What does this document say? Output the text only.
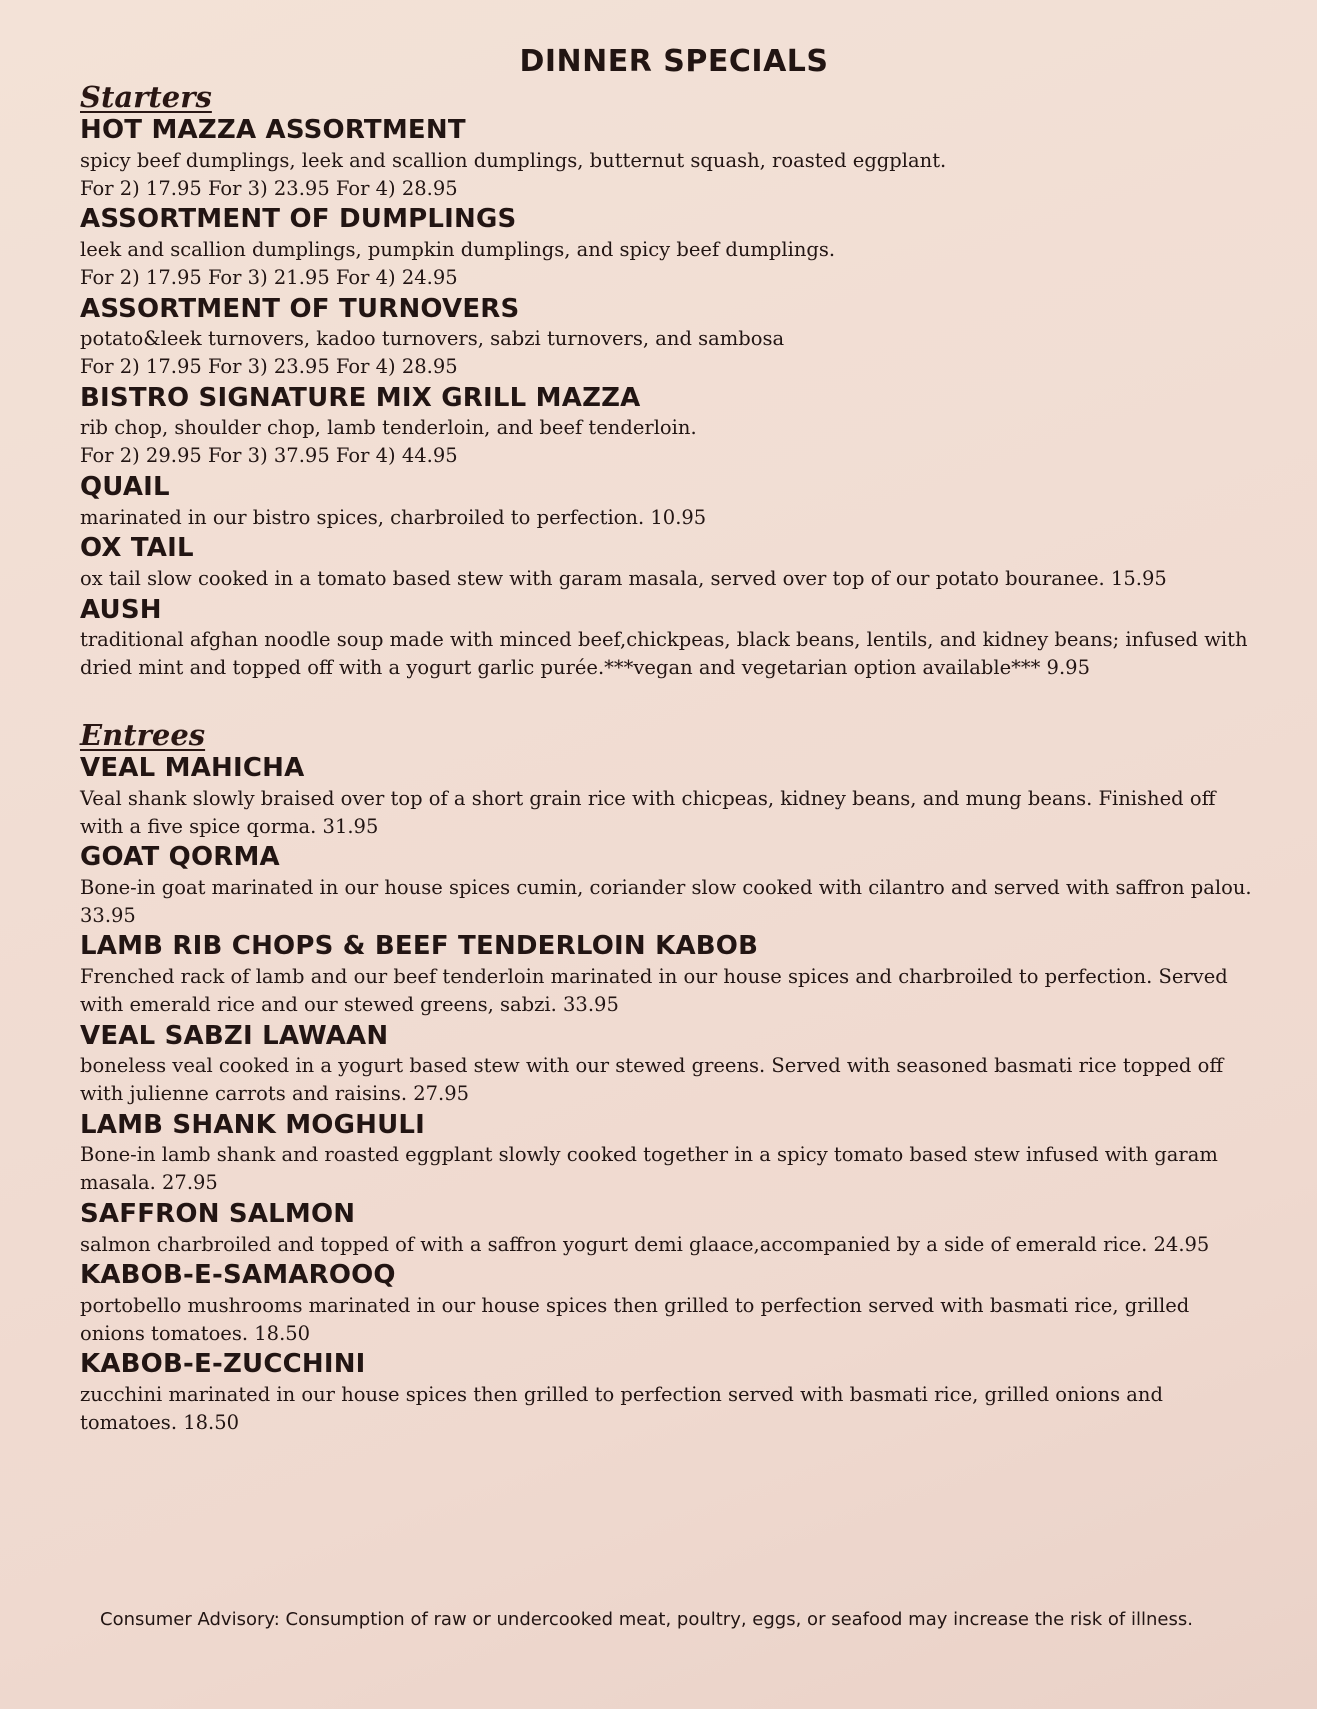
DINNER SPECIALS
Starters
HOT MAZZA ASSORTMENT
spicy beef dumplings, leek and scallion dumplings, butternut squash, roasted eggplant.
For 2) 17.95 For 3) 23.95 For 4) 28.95
ASSORTMENT OF DUMPLINGS
leek and scallion dumplings, pumpkin dumplings, and spicy beef dumplings.
For 2) 17.95 For 3) 21.95 For 4) 24.95
ASSORTMENT OF TURNOVERS
potato&leek turnovers, kadoo turnovers, sabzi turnovers, and sambosa
For 2) 17.95 For 3) 23.95 For 4) 28.95
BISTRO SIGNATURE MIX GRILL MAZZA
rib chop, shoulder chop, lamb tenderloin, and beef tenderloin.
For 2) 29.95 For 3) 37.95 For 4) 44.95
QUAIL
marinated in our bistro spices, charbroiled to perfection. 10.95
OX TAIL
ox tail slow cooked in a tomato based stew with garam masala, served over top of our potato bouranee. 15.95
AUSH
traditional afghan noodle soup made with minced beef,chickpeas, black beans, lentils, and kidney beans; infused with dried mint and topped off with a yogurt garlic purée.***vegan and vegetarian option available*** 9.95
Entrees
VEAL MAHICHA
Veal shank slowly braised over top of a short grain rice with chicpeas, kidney beans, and mung beans. Finished off with a five spice qorma. 31.95
GOAT QORMA
Bone-in goat marinated in our house spices cumin, coriander slow cooked with cilantro and served with saffron palou. 33.95
LAMB RIB CHOPS & BEEF TENDERLOIN KABOB
Frenched rack of lamb and our beef tenderloin marinated in our house spices and charbroiled to perfection. Served with emerald rice and our stewed greens, sabzi. 33.95
VEAL SABZI LAWAAN
boneless veal cooked in a yogurt based stew with our stewed greens. Served with seasoned basmati rice topped off with julienne carrots and raisins. 27.95
LAMB SHANK MOGHULI
Bone-in lamb shank and roasted eggplant slowly cooked together in a spicy tomato based stew infused with garam masala. 27.95
SAFFRON SALMON
salmon charbroiled and topped of with a saffron yogurt demi glaace,accompanied by a side of emerald rice. 24.95
KABOB-E-SAMAROOQ
portobello mushrooms marinated in our house spices then grilled to perfection served with basmati rice, grilled onions tomatoes. 18.50
KABOB-E-ZUCCHINI
zucchini marinated in our house spices then grilled to perfection served with basmati rice, grilled onions and tomatoes. 18.50
Consumer Advisory: Consumption of raw or undercooked meat, poultry, eggs, or seafood may increase the risk of illness.
